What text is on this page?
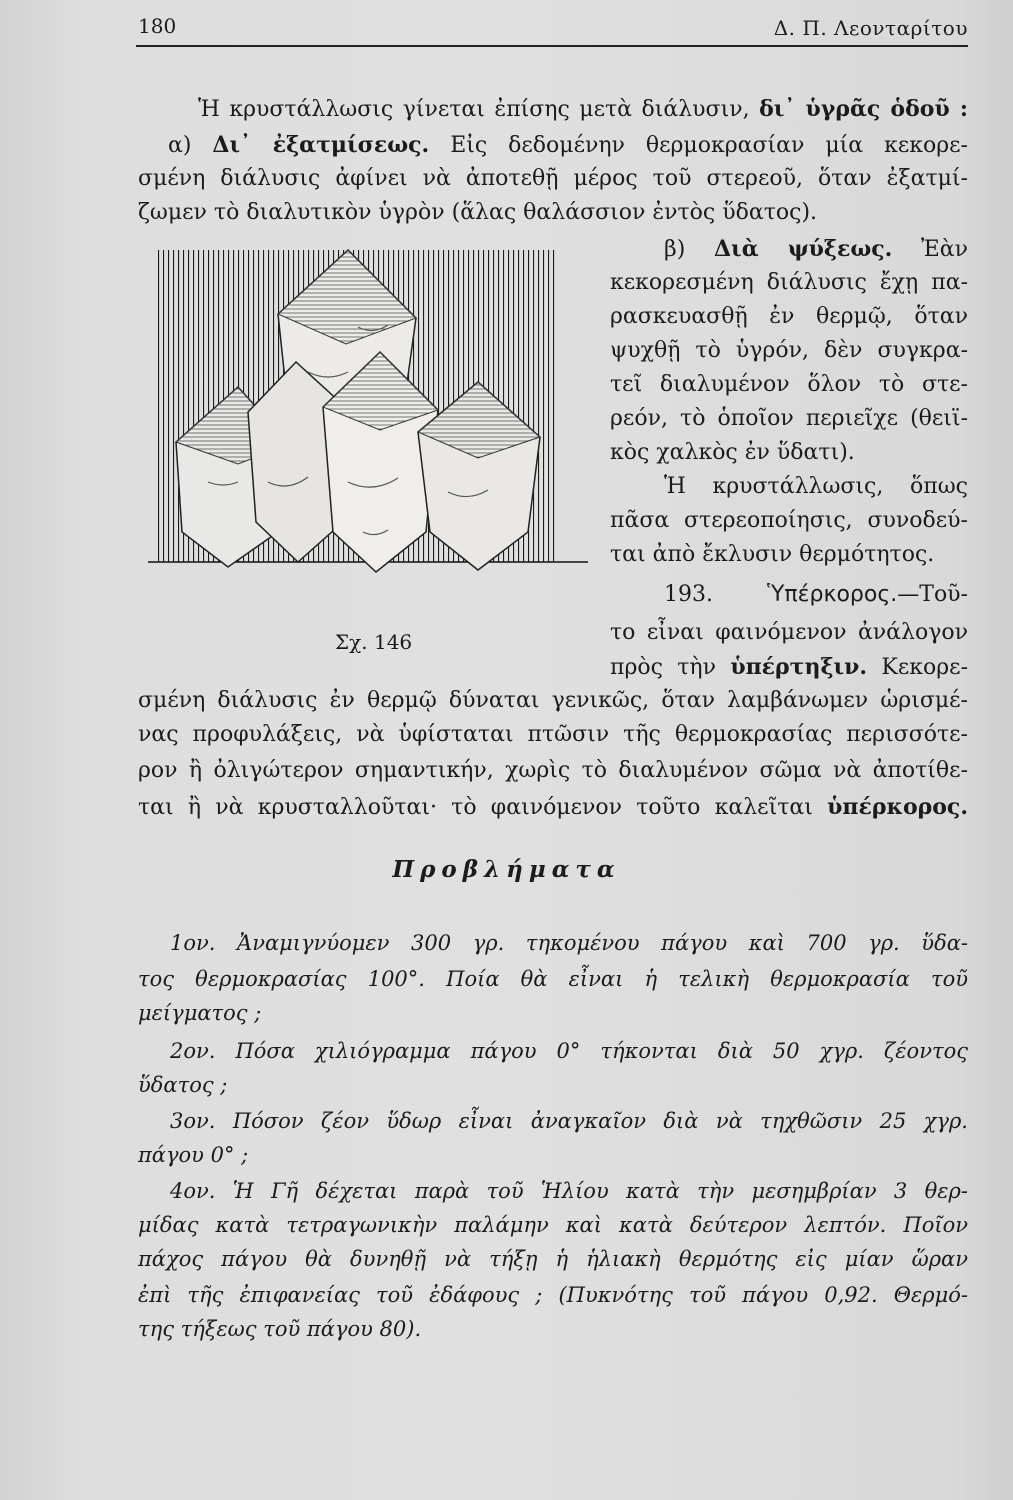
180	Δ. Π. Λεονταρίτου
Ἡ κρυστάλλωσις γίνεται ἐπίσης μετὰ διάλυσιν, δι᾿ ὑγρᾶς ὁδοῦ :
α) Δι᾿ ἐξατμίσεως. Εἰς δεδομένην θερμοκρασίαν μία κεκορε-
σμένη διάλυσις ἀφίνει νὰ ἀποτεθῇ μέρος τοῦ στερεοῦ, ὅταν ἐξατμί-
ζωμεν τὸ διαλυτικὸν ὑγρὸν (ἅλας θαλάσσιον ἐντὸς ὕδατος).
Σχ. 146
β) Διὰ ψύξεως. Ἐὰν
κεκορεσμένη διάλυσις ἔχῃ πα-
ρασκευασθῇ ἐν θερμῷ, ὅταν
ψυχθῇ τὸ ὑγρόν, δὲν συγκρα-
τεῖ διαλυμένον ὅλον τὸ στε-
ρεόν, τὸ ὁποῖον περιεῖχε (θειϊ-
κὸς χαλκὸς ἐν ὕδατι).
Ἡ κρυστάλλωσις, ὅπως
πᾶσα στερεοποίησις, συνοδεύ-
ται ἀπὸ ἔκλυσιν θερμότητος.
193. Ὑπέρκορος.—Τοῦ-
το εἶναι φαινόμενον ἀνάλογον
πρὸς τὴν ὑπέρτηξιν. Κεκορε-
σμένη διάλυσις ἐν θερμῷ δύναται γενικῶς, ὅταν λαμβάνωμεν ὡρισμέ-
νας προφυλάξεις, νὰ ὑφίσταται πτῶσιν τῆς θερμοκρασίας περισσότε-
ρον ἢ ὀλιγώτερον σημαντικήν, χωρὶς τὸ διαλυμένον σῶμα νὰ ἀποτίθε-
ται ἢ νὰ κρυσταλλοῦται· τὸ φαινόμενον τοῦτο καλεῖται ὑπέρκορος.
Προβλήματα
1ον. Ἀναμιγνύομεν 300 γρ. τηκομένου πάγου καὶ 700 γρ. ὕδα-
τος θερμοκρασίας 100°. Ποία θὰ εἶναι ἡ τελικὴ θερμοκρασία τοῦ
μείγματος ;
2ον. Πόσα χιλιόγραμμα πάγου 0° τήκονται διὰ 50 χγρ. ζέοντος
ὕδατος ;
3ον. Πόσον ζέον ὕδωρ εἶναι ἀναγκαῖον διὰ νὰ τηχθῶσιν 25 χγρ.
πάγου 0° ;
4ον. Ἡ Γῆ δέχεται παρὰ τοῦ Ἡλίου κατὰ τὴν μεσημβρίαν 3 θερ-
μίδας κατὰ τετραγωνικὴν παλάμην καὶ κατὰ δεύτερον λεπτόν. Ποῖον
πάχος πάγου θὰ δυνηθῇ νὰ τήξῃ ἡ ἡλιακὴ θερμότης εἰς μίαν ὥραν
ἐπὶ τῆς ἐπιφανείας τοῦ ἐδάφους ; (Πυκνότης τοῦ πάγου 0,92. Θερμό-
της τήξεως τοῦ πάγου 80).
